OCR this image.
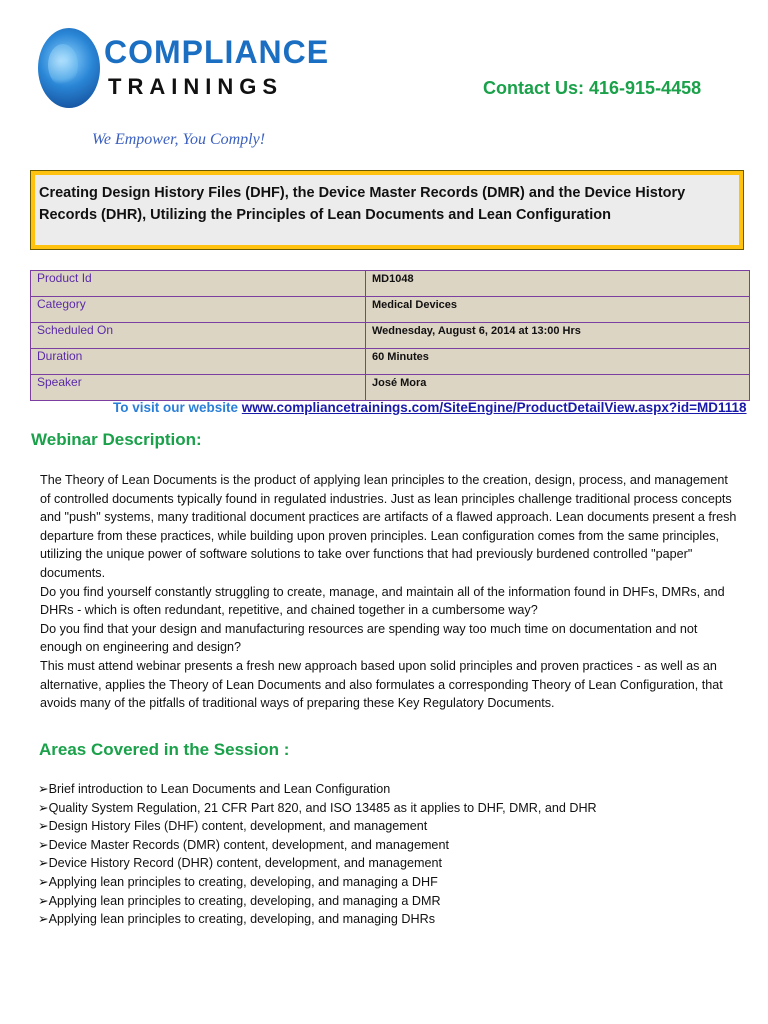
COMPLIANCE
TRAININGS	Contact Us: 416-915-4458
We Empower, You Comply!
Creating Design History Files (DHF), the Device Master Records (DMR) and the Device History Records (DHR), Utilizing the Principles of Lean Documents and Lean Configuration
Product Id	MD1048
Category	Medical Devices
Scheduled On	Wednesday, August 6, 2014 at 13:00 Hrs
Duration	60 Minutes
Speaker	José Mora
To visit our website www.compliancetrainings.com/SiteEngine/ProductDetailView.aspx?id=MD1118
Webinar Description:

The Theory of Lean Documents is the product of applying lean principles to the creation, design, process, and management of controlled documents typically found in regulated industries. Just as lean principles challenge traditional process concepts and "push" systems, many traditional document practices are artifacts of a flawed approach. Lean documents present a fresh departure from these practices, while building upon proven principles. Lean configuration comes from the same principles, utilizing the unique power of software solutions to take over functions that had previously burdened controlled "paper" documents.

Do you find yourself constantly struggling to create, manage, and maintain all of the information found in DHFs, DMRs, and DHRs - which is often redundant, repetitive, and chained together in a cumbersome way?

Do you find that your design and manufacturing resources are spending way too much time on documentation and not enough on engineering and design?

This must attend webinar presents a fresh new approach based upon solid principles and proven practices - as well as an alternative, applies the Theory of Lean Documents and also formulates a corresponding Theory of Lean Configuration, that avoids many of the pitfalls of traditional ways of preparing these Key Regulatory Documents.

Areas Covered in the Session :
➢Brief introduction to Lean Documents and Lean Configuration
➢Quality System Regulation, 21 CFR Part 820, and ISO 13485 as it applies to DHF, DMR, and DHR
➢Design History Files (DHF) content, development, and management
➢Device Master Records (DMR) content, development, and management
➢Device History Record (DHR) content, development, and management
➢Applying lean principles to creating, developing, and managing a DHF
➢Applying lean principles to creating, developing, and managing a DMR
➢Applying lean principles to creating, developing, and managing DHRs
